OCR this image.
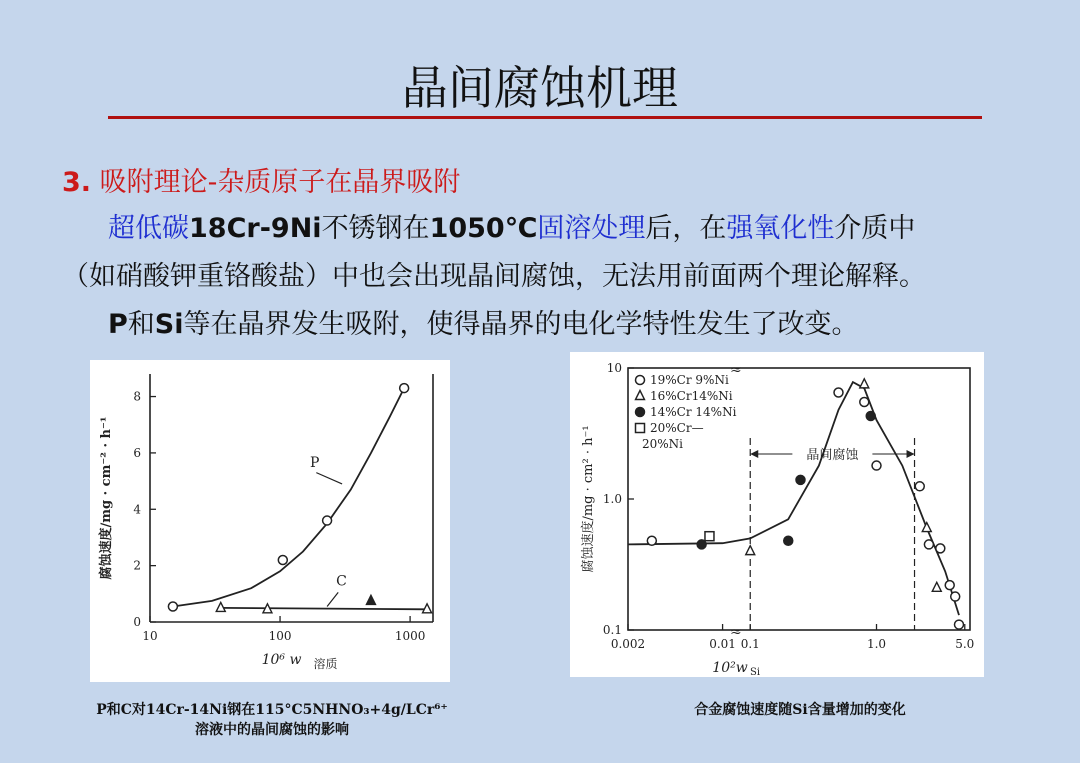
晶间腐蚀机理
3. 吸附理论-杂质原子在晶界吸附
超低碳18Cr-9Ni不锈钢在1050℃固溶处理后，在强氧化性介质中
（如硝酸钾重铬酸盐）中也会出现晶间腐蚀，无法用前面两个理论解释。
P和Si等在晶界发生吸附，使得晶界的电化学特性发生了改变。
10	100	1000
0
2
4
6
8
腐蚀速度/mg · cm⁻² · h⁻¹
10⁶ w 溶质
P
C
P和C对14Cr-14Ni钢在115°C5NHNO₃+4g/LCr⁶⁺
溶液中的晶间腐蚀的影响
≈
≈
0.002	0.01 0.1	1.0	5.0
0.1
1.0
10
腐蚀速度/mg · cm² · h⁻¹
10²w Si
晶间腐蚀
19%Cr 9%Ni
16%Cr14%Ni
14%Cr 14%Ni
20%Cr—
20%Ni
合金腐蚀速度随Si含量增加的变化
